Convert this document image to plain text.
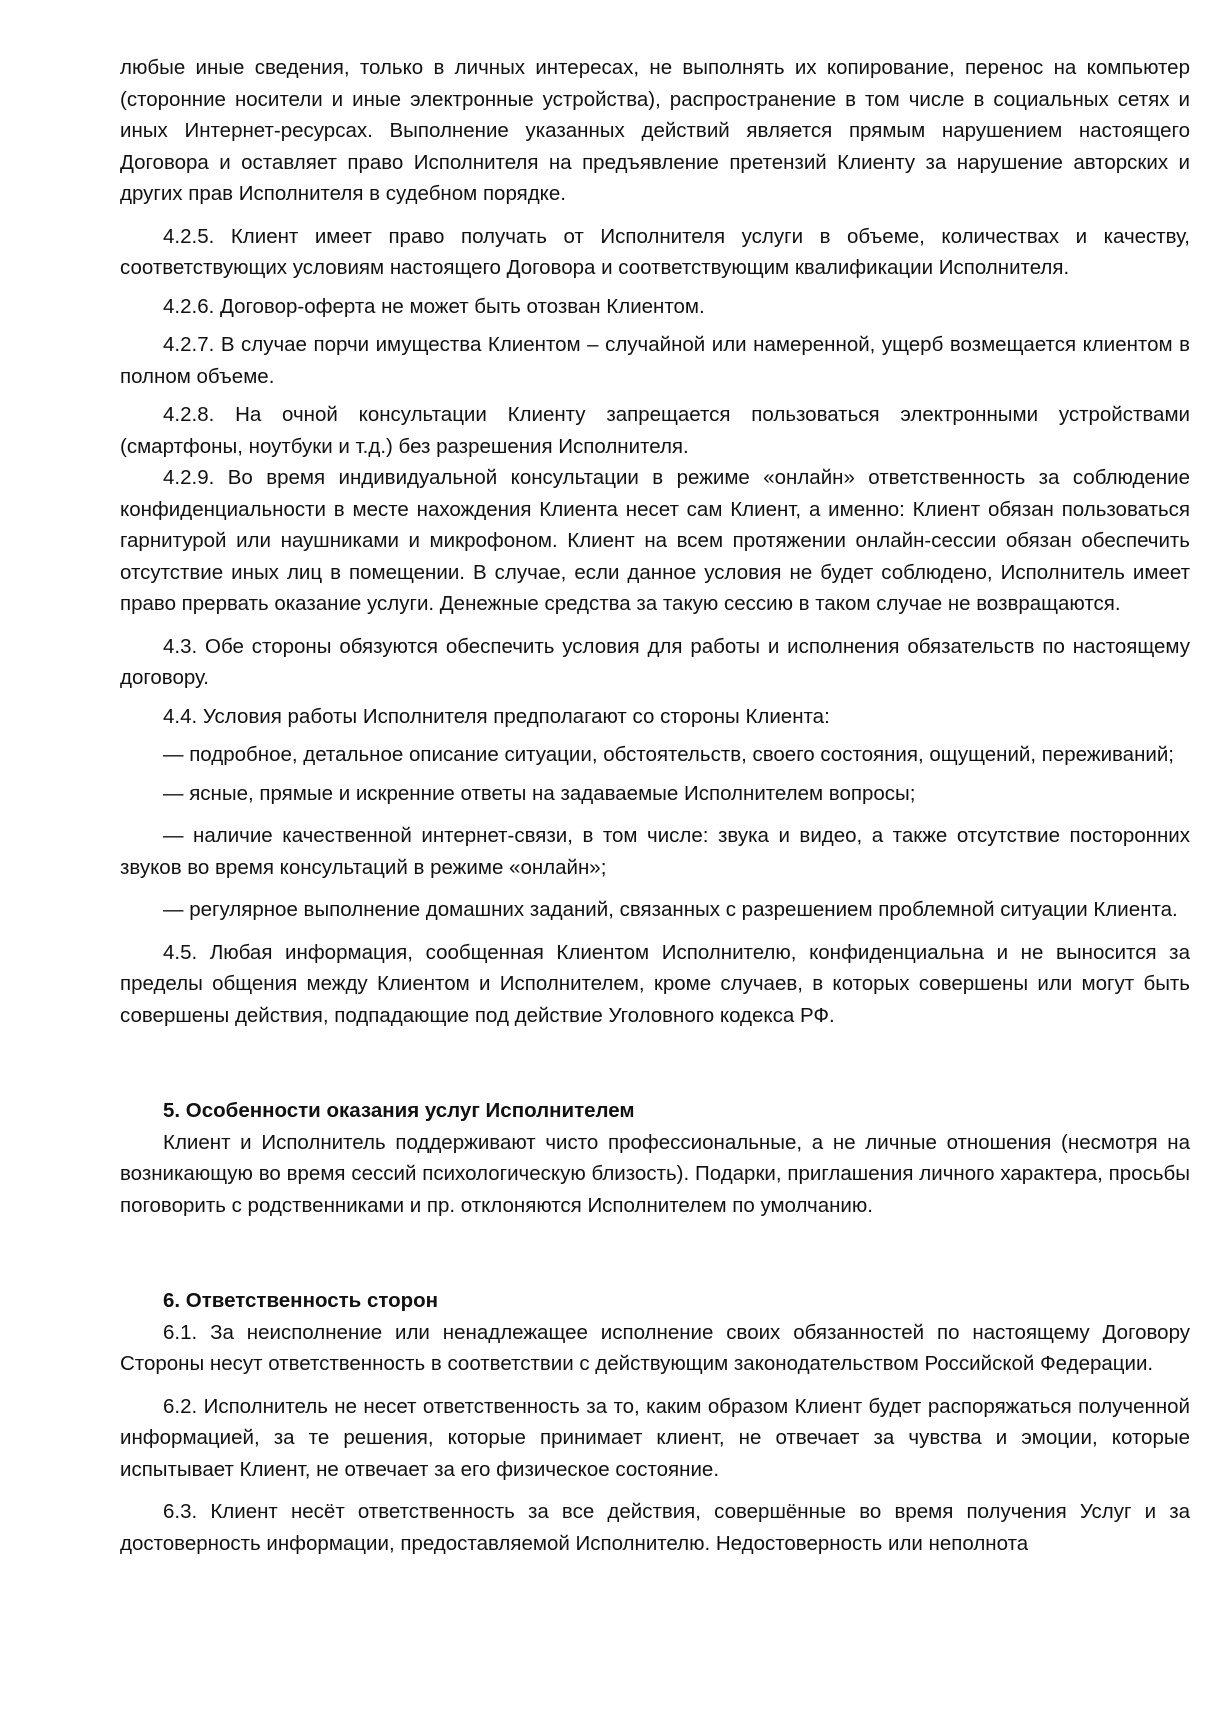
любые иные сведения, только в личных интересах, не выполнять их копирование, перенос на компьютер (сторонние носители и иные электронные устройства), распространение в том числе в социальных сетях и иных Интернет-ресурсах. Выполнение указанных действий является прямым нарушением настоящего Договора и оставляет право Исполнителя на предъявление претензий Клиенту за нарушение авторских и других прав Исполнителя в судебном порядке.

4.2.5. Клиент имеет право получать от Исполнителя услуги в объеме, количествах и качеству, соответствующих условиям настоящего Договора и соответствующим квалификации Исполнителя.

4.2.6. Договор-оферта не может быть отозван Клиентом.

4.2.7. В случае порчи имущества Клиентом – случайной или намеренной, ущерб возмещается клиентом в полном объеме.

4.2.8. На очной консультации Клиенту запрещается пользоваться электронными устройствами (смартфоны, ноутбуки и т.д.) без разрешения Исполнителя.

4.2.9. Во время индивидуальной консультации в режиме «онлайн» ответственность за соблюдение конфиденциальности в месте нахождения Клиента несет сам Клиент, а именно: Клиент обязан пользоваться гарнитурой или наушниками и микрофоном. Клиент на всем протяжении онлайн-сессии обязан обеспечить отсутствие иных лиц в помещении. В случае, если данное условия не будет соблюдено, Исполнитель имеет право прервать оказание услуги. Денежные средства за такую сессию в таком случае не возвращаются.

4.3. Обе стороны обязуются обеспечить условия для работы и исполнения обязательств по настоящему договору.

4.4. Условия работы Исполнителя предполагают со стороны Клиента:

— подробное, детальное описание ситуации, обстоятельств, своего состояния, ощущений, переживаний;

— ясные, прямые и искренние ответы на задаваемые Исполнителем вопросы;

— наличие качественной интернет-связи, в том числе: звука и видео, а также отсутствие посторонних звуков во время консультаций в режиме «онлайн»;

— регулярное выполнение домашних заданий, связанных с разрешением проблемной ситуации Клиента.

4.5. Любая информация, сообщенная Клиентом Исполнителю, конфиденциальна и не выносится за пределы общения между Клиентом и Исполнителем, кроме случаев, в которых совершены или могут быть совершены действия, подпадающие под действие Уголовного кодекса РФ.

5. Особенности оказания услуг Исполнителем

Клиент и Исполнитель поддерживают чисто профессиональные, а не личные отношения (несмотря на возникающую во время сессий психологическую близость). Подарки, приглашения личного характера, просьбы поговорить с родственниками и пр. отклоняются Исполнителем по умолчанию.

6. Ответственность сторон

6.1. За неисполнение или ненадлежащее исполнение своих обязанностей по настоящему Договору Стороны несут ответственность в соответствии с действующим законодательством Российской Федерации.

6.2. Исполнитель не несет ответственность за то, каким образом Клиент будет распоряжаться полученной информацией, за те решения, которые принимает клиент, не отвечает за чувства и эмоции, которые испытывает Клиент, не отвечает за его физическое состояние.

6.3. Клиент несёт ответственность за все действия, совершённые во время получения Услуг и за достоверность информации, предоставляемой Исполнителю. Недостоверность или неполнота
